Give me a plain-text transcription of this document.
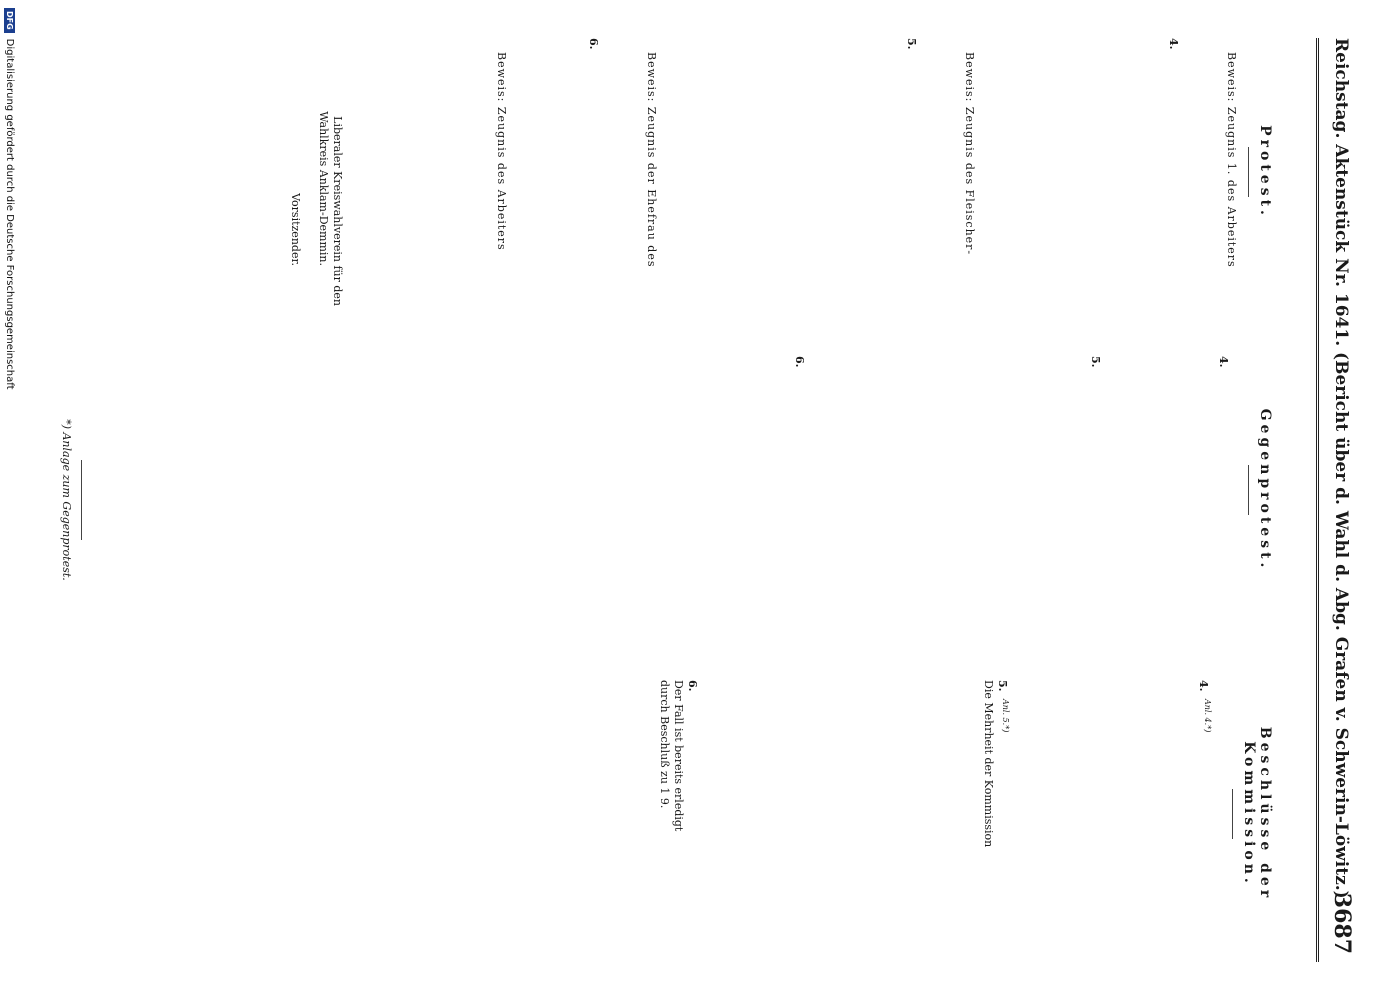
Reichstag. Aktenstück Nr. 1641. (Bericht über d. Wahl d. Abg. Grafen v. Schwerin-Löwitz.)
3687
Protest.
Beweis: Zeugnis 1. des Arbeiters
4.
Beweis: Zeugnis des Fleischer-
5.
Beweis: Zeugnis der Ehefrau des
6.
Beweis: Zeugnis des Arbeiters
Liberaler Kreiswahlverein für den
Wahlkreis Anklam-Demmin.
Vorsitzender.
Gegenprotest.
4.
5.
6.
Beschlüsse der Kommission.
4. $^{Anl. 4.*)}$
5. $^{Anl. 5.*)}$
Die Mehrheit der Kommission
6.
Der Fall ist bereits erledigt
durch Beschluß zu 1 9.
*) Anlage zum Gegenprotest.
DFG
Digitalisierung gefördert durch die Deutsche Forschungsgemeinschaft
